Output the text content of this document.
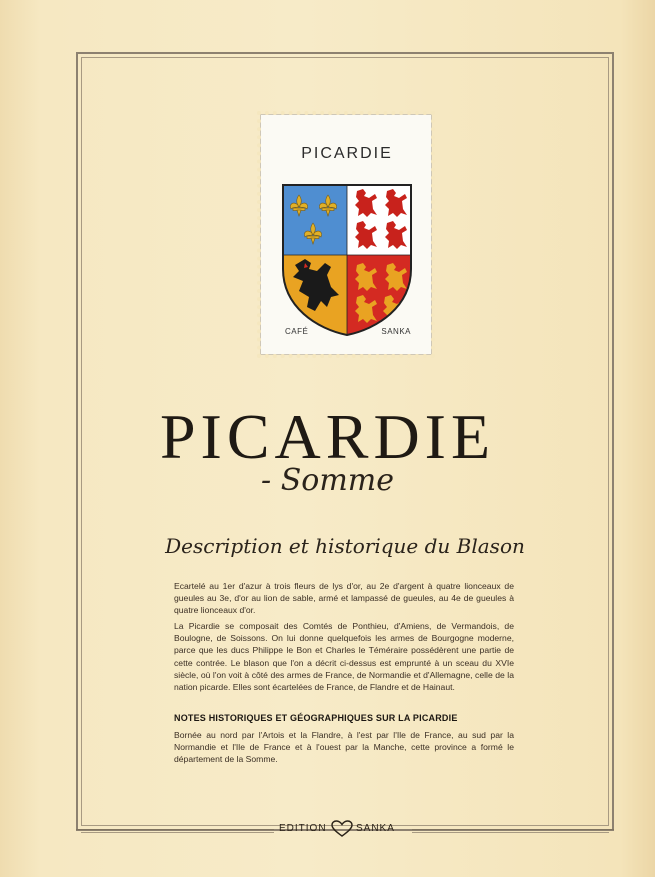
PICARDIE
CAFÉ	SANKA
PICARDIE
- Somme
Description et historique du Blason
Ecartelé au 1er d'azur à trois fleurs de lys d'or, au 2e d'argent à quatre lionceaux de gueules au 3e, d'or au lion de sable, armé et lampassé de gueules, au 4e de gueules à quatre lionceaux d'or.
La Picardie se composait des Comtés de Ponthieu, d'Amiens, de Vermandois, de Boulogne, de Soissons. On lui donne quelquefois les armes de Bourgogne moderne, parce que les ducs Philippe le Bon et Charles le Téméraire possédèrent une partie de cette contrée. Le blason que l'on a décrit ci-dessus est emprunté à un sceau du XVIe siècle, où l'on voit à côté des armes de France, de Normandie et d'Allemagne, celle de la nation picarde. Elles sont écartelées de France, de Flandre et de Hainaut.
NOTES HISTORIQUES ET GÉOGRAPHIQUES SUR LA PICARDIE
Bornée au nord par l'Artois et la Flandre, à l'est par l'Ile de France, au sud par la Normandie et l'Ile de France et à l'ouest par la Manche, cette province a formé le département de la Somme.
EDITION	SANKA
